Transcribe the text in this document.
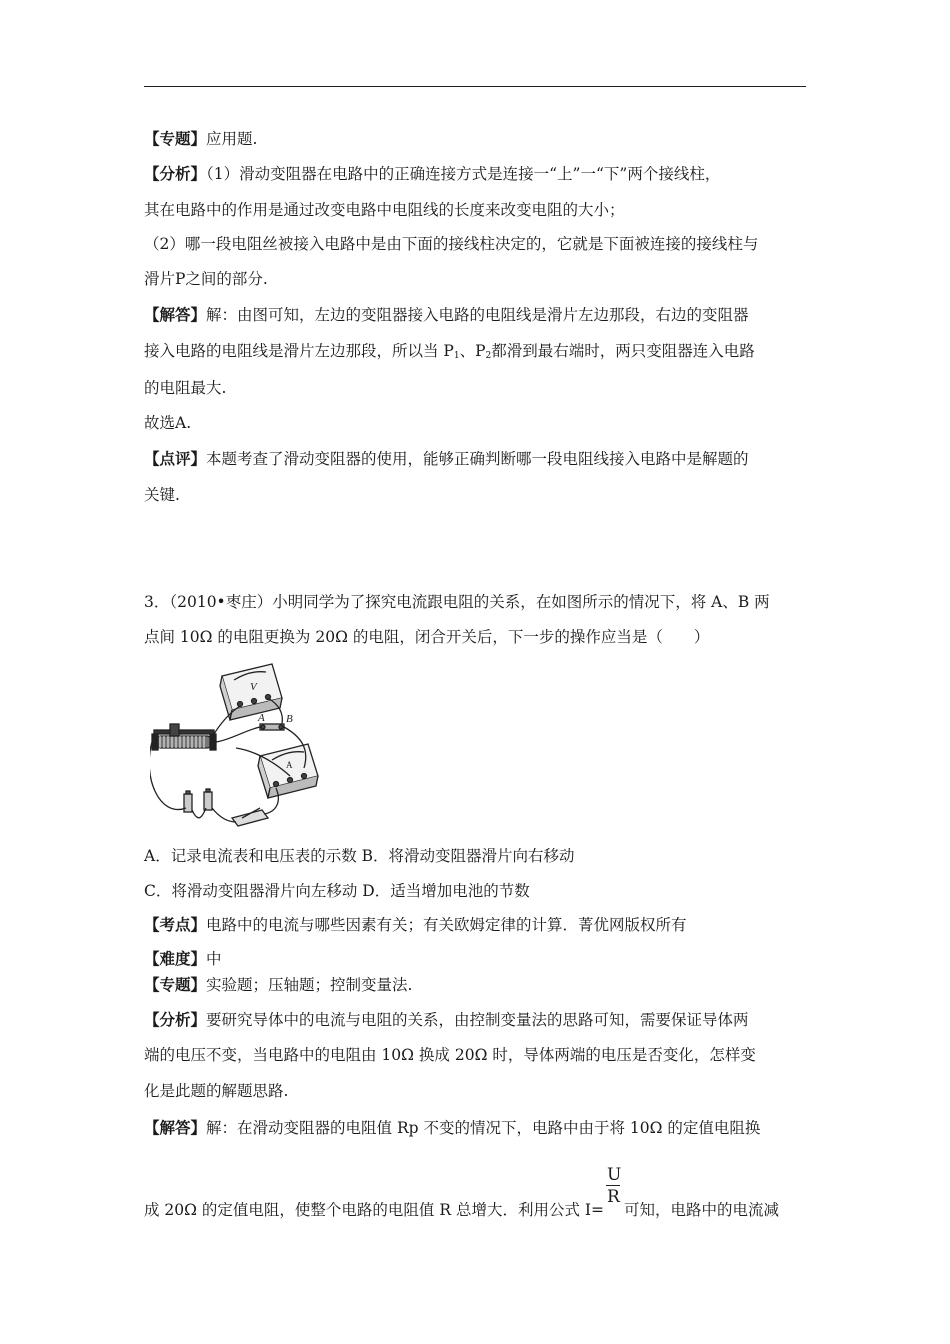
【专题】应用题.
【分析】（1）滑动变阻器在电路中的正确连接方式是连接一“上”一“下”两个接线柱，
其在电路中的作用是通过改变电路中电阻线的长度来改变电阻的大小；
（2）哪一段电阻丝被接入电路中是由下面的接线柱决定的，它就是下面被连接的接线柱与
滑片P之间的部分.
【解答】解：由图可知，左边的变阻器接入电路的电阻线是滑片左边那段，右边的变阻器
接入电路的电阻线是滑片左边那段，所以当 $P_1$、$P_2$都滑到最右端时，两只变阻器连入电路
的电阻最大.
故选A.
【点评】本题考查了滑动变阻器的使用，能够正确判断哪一段电阻线接入电路中是解题的
关键.
3．（2010•枣庄）小明同学为了探究电流跟电阻的关系，在如图所示的情况下，将 A、B 两
点间 10Ω 的电阻更换为 20Ω 的电阻，闭合开关后，下一步的操作应当是（　　）
V
A
A B
A．记录电流表和电压表的示数 B．将滑动变阻器滑片向右移动
C．将滑动变阻器滑片向左移动 D．适当增加电池的节数
【考点】电路中的电流与哪些因素有关；有关欧姆定律的计算．菁优网版权所有
【难度】中
【专题】实验题；压轴题；控制变量法.
【分析】要研究导体中的电流与电阻的关系，由控制变量法的思路可知，需要保证导体两
端的电压不变，当电路中的电阻由 10Ω 换成 20Ω 时，导体两端的电压是否变化，怎样变
化是此题的解题思路.
【解答】解：在滑动变阻器的电阻值 Rp 不变的情况下，电路中由于将 10Ω 的定值电阻换
成 20Ω 的定值电阻，使整个电路的电阻值 R 总增大．利用公式 $I= \frac{U}{R}$ 可知，电路中的电流减
